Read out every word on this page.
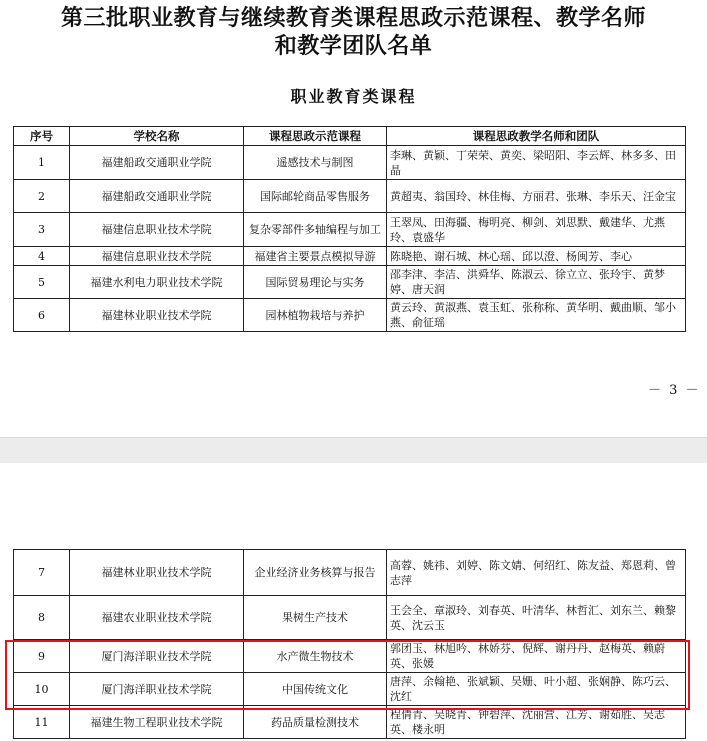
第三批职业教育与继续教育类课程思政示范课程、教学名师
和教学团队名单
职业教育类课程
序号	学校名称	课程思政示范课程	课程思政教学名师和团队
1	福建船政交通职业学院	遥感技术与制图	李琳、黄颖、丁荣荣、黄奕、梁昭阳、李云辉、林多多、田晶
2	福建船政交通职业学院	国际邮轮商品零售服务	黄超夷、翁国玲、林佳梅、方丽君、张琳、李乐天、汪金宝
3	福建信息职业技术学院	复杂零部件多轴编程与加工	王翠凤、田海疆、梅明亮、柳剑、刘思默、戴建华、尤燕玲、袁盛华
4	福建信息职业技术学院	福建省主要景点模拟导游	陈晓艳、谢石城、林心瑶、邱以澄、杨闽芳、李心
5	福建水利电力职业技术学院	国际贸易理论与实务	邵李津、李洁、洪舜华、陈淑云、徐立立、张玲宇、黄梦婷、唐天润
6	福建林业职业技术学院	园林植物栽培与养护	黄云玲、黄淑燕、袁玉虹、张称称、黄华明、戴曲顺、邹小燕、俞征瑶
－ 3 －
7	福建林业职业技术学院	企业经济业务核算与报告	高蓉、姚祎、刘婷、陈文婧、何绍红、陈友益、郑恩莉、曾志萍
8	福建农业职业技术学院	果树生产技术	王会全、章淑玲、刘春英、叶清华、林哲汇、刘东兰、赖黎英、沈云玉
9	厦门海洋职业技术学院	水产微生物技术	郭团玉、林旭吟、林娇芬、倪辉、谢丹丹、赵梅英、赖蔚英、张媛
10	厦门海洋职业技术学院	中国传统文化	唐萍、余翰艳、张斌颖、吴姗、叶小超、张娴静、陈巧云、沈红
11	福建生物工程职业技术学院	药品质量检测技术	程倩青、吴晓青、钟碧萍、沈丽营、江芳、谢茹胜、吴志英、楼永明
